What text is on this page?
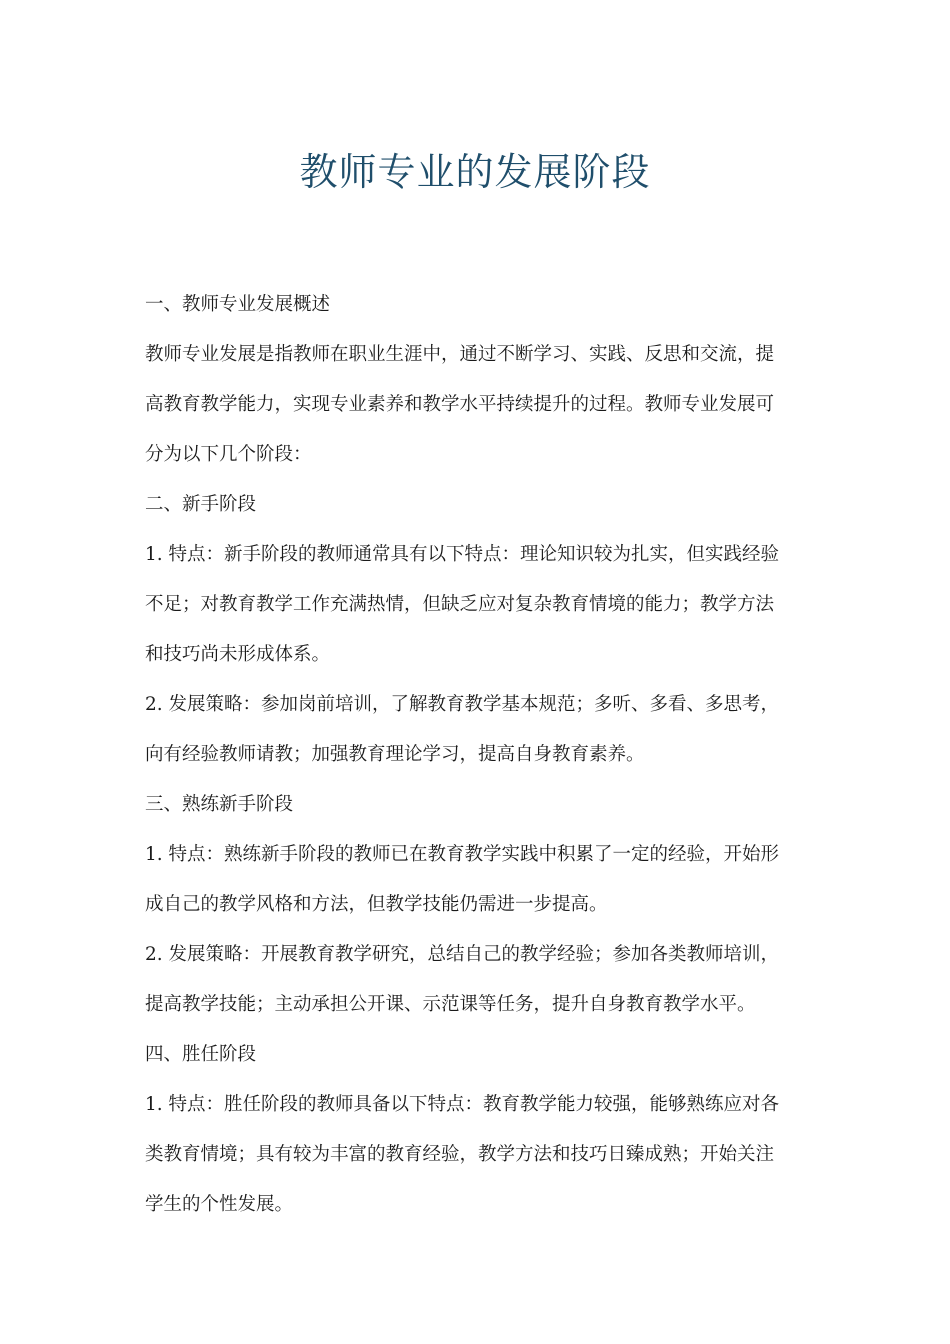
教师专业的发展阶段
一、教师专业发展概述
教师专业发展是指教师在职业生涯中，通过不断学习、实践、反思和交流，提
高教育教学能力，实现专业素养和教学水平持续提升的过程。教师专业发展可
分为以下几个阶段：
二、新手阶段
1. 特点：新手阶段的教师通常具有以下特点：理论知识较为扎实，但实践经验
不足；对教育教学工作充满热情，但缺乏应对复杂教育情境的能力；教学方法
和技巧尚未形成体系。
2. 发展策略：参加岗前培训，了解教育教学基本规范；多听、多看、多思考，
向有经验教师请教；加强教育理论学习，提高自身教育素养。
三、熟练新手阶段
1. 特点：熟练新手阶段的教师已在教育教学实践中积累了一定的经验，开始形
成自己的教学风格和方法，但教学技能仍需进一步提高。
2. 发展策略：开展教育教学研究，总结自己的教学经验；参加各类教师培训，
提高教学技能；主动承担公开课、示范课等任务，提升自身教育教学水平。
四、胜任阶段
1. 特点：胜任阶段的教师具备以下特点：教育教学能力较强，能够熟练应对各
类教育情境；具有较为丰富的教育经验，教学方法和技巧日臻成熟；开始关注
学生的个性发展。
